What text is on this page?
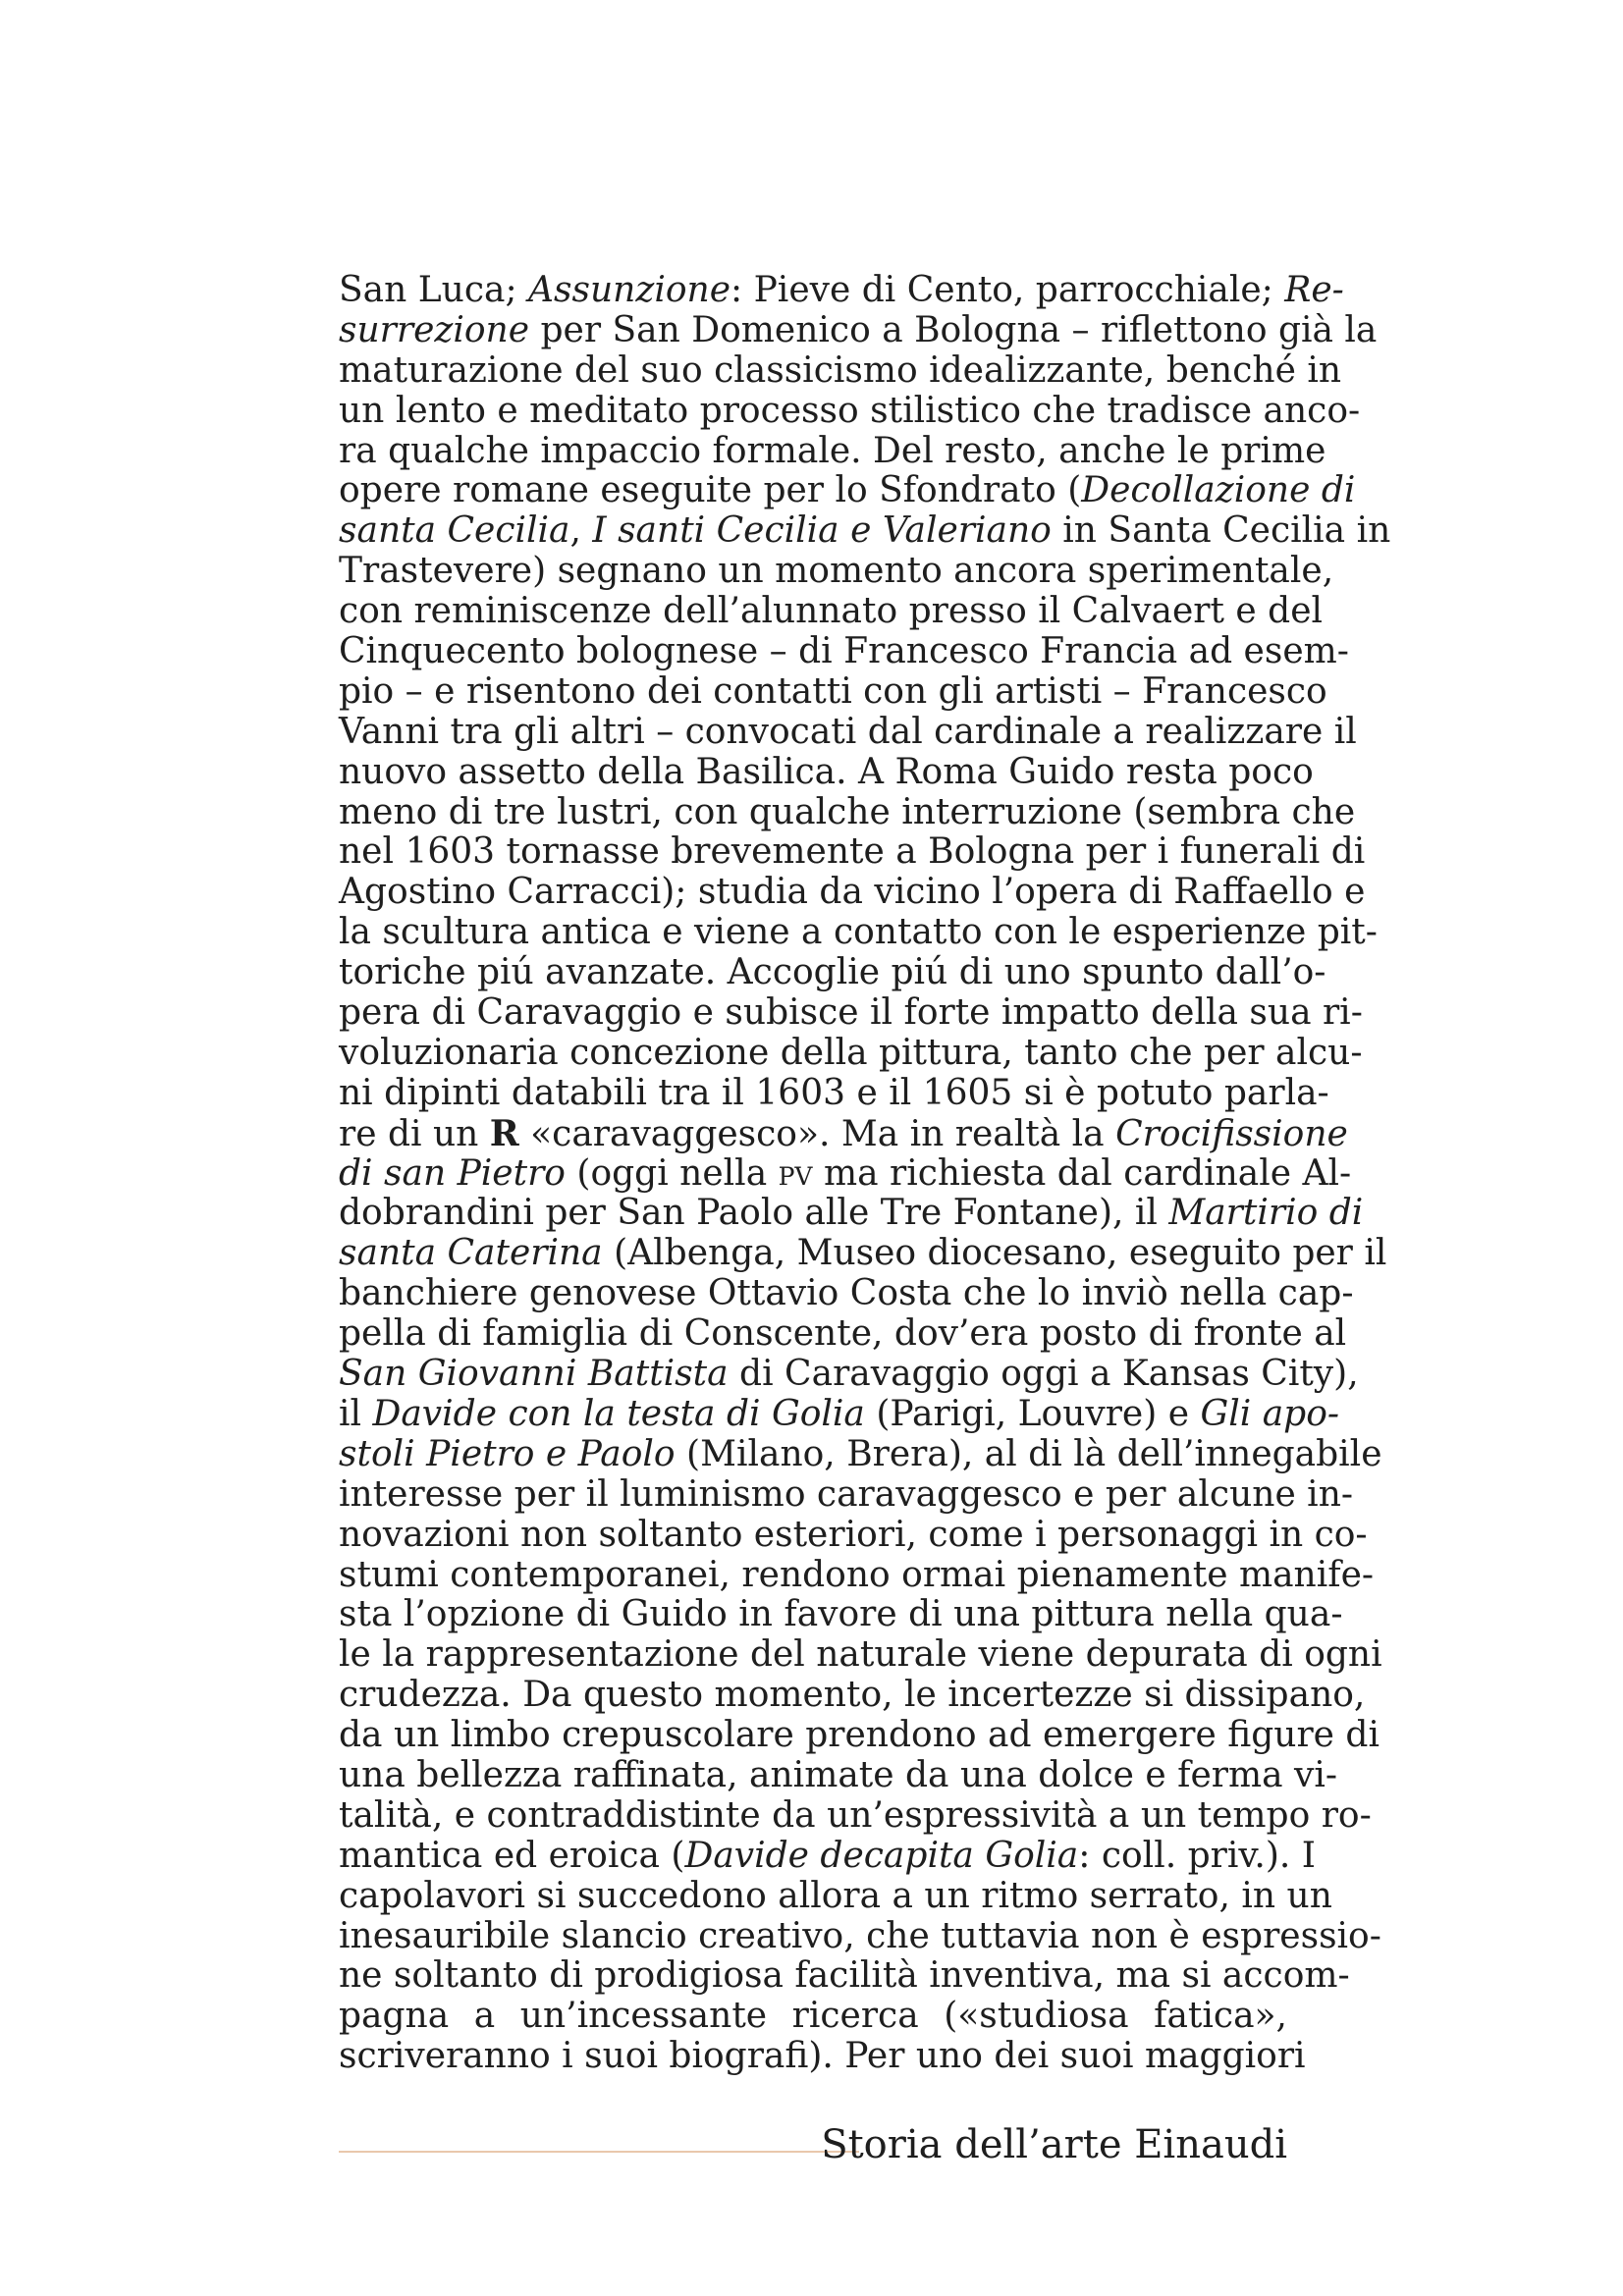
San Luca; Assunzione: Pieve di Cento, parrocchiale; Re-
surrezione per San Domenico a Bologna – riflettono già la
maturazione del suo classicismo idealizzante, benché in
un lento e meditato processo stilistico che tradisce anco-
ra qualche impaccio formale. Del resto, anche le prime
opere romane eseguite per lo Sfondrato (Decollazione di
santa Cecilia, I santi Cecilia e Valeriano in Santa Cecilia in
Trastevere) segnano un momento ancora sperimentale,
con reminiscenze dell’alunnato presso il Calvaert e del
Cinquecento bolognese – di Francesco Francia ad esem-
pio – e risentono dei contatti con gli artisti – Francesco
Vanni tra gli altri – convocati dal cardinale a realizzare il
nuovo assetto della Basilica. A Roma Guido resta poco
meno di tre lustri, con qualche interruzione (sembra che
nel 1603 tornasse brevemente a Bologna per i funerali di
Agostino Carracci); studia da vicino l’opera di Raffaello e
la scultura antica e viene a contatto con le esperienze pit-
toriche piú avanzate. Accoglie piú di uno spunto dall’o-
pera di Caravaggio e subisce il forte impatto della sua ri-
voluzionaria concezione della pittura, tanto che per alcu-
ni dipinti databili tra il 1603 e il 1605 si è potuto parla-
re di un R «caravaggesco». Ma in realtà la Crocifissione
di san Pietro (oggi nella pv ma richiesta dal cardinale Al-
dobrandini per San Paolo alle Tre Fontane), il Martirio di
santa Caterina (Albenga, Museo diocesano, eseguito per il
banchiere genovese Ottavio Costa che lo inviò nella cap-
pella di famiglia di Conscente, dov’era posto di fronte al
San Giovanni Battista di Caravaggio oggi a Kansas City),
il Davide con la testa di Golia (Parigi, Louvre) e Gli apo-
stoli Pietro e Paolo (Milano, Brera), al di là dell’innegabile
interesse per il luminismo caravaggesco e per alcune in-
novazioni non soltanto esteriori, come i personaggi in co-
stumi contemporanei, rendono ormai pienamente manife-
sta l’opzione di Guido in favore di una pittura nella qua-
le la rappresentazione del naturale viene depurata di ogni
crudezza. Da questo momento, le incertezze si dissipano,
da un limbo crepuscolare prendono ad emergere figure di
una bellezza raffinata, animate da una dolce e ferma vi-
talità, e contraddistinte da un’espressività a un tempo ro-
mantica ed eroica (Davide decapita Golia: coll. priv.). I
capolavori si succedono allora a un ritmo serrato, in un
inesauribile slancio creativo, che tuttavia non è espressio-
ne soltanto di prodigiosa facilità inventiva, ma si accom-
pagna a un’incessante ricerca («studiosa fatica»,
scriveranno i suoi biografi). Per uno dei suoi maggiori
Storia dell’arte Einaudi
